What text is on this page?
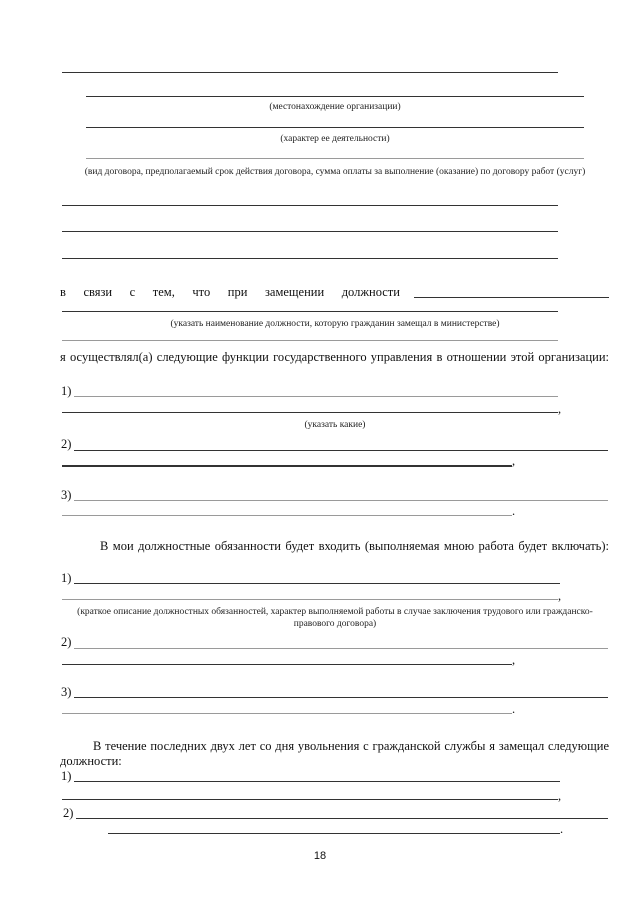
(местонахождение организации)
(характер ее деятельности)
(вид договора, предполагаемый срок действия договора, сумма оплаты за выполнение (оказание) по договору работ (услуг)
в связи с тем, что при замещении должности
(указать наименование должности, которую гражданин замещал в министерстве)
я осуществлял(а) следующие функции государственного управления в отношении этой организации:
1)
,
(указать какие)
2)
,
3)
.
В мои должностные обязанности будет входить (выполняемая мною работа будет включать):
1)
,
(краткое описание должностных обязанностей, характер выполняемой работы в случае заключения трудового или гражданско-правового договора)
2)
,
3)
.
В течение последних двух лет со дня увольнения с гражданской службы я замещал следующие должности:
1)
,
2)
.
18
